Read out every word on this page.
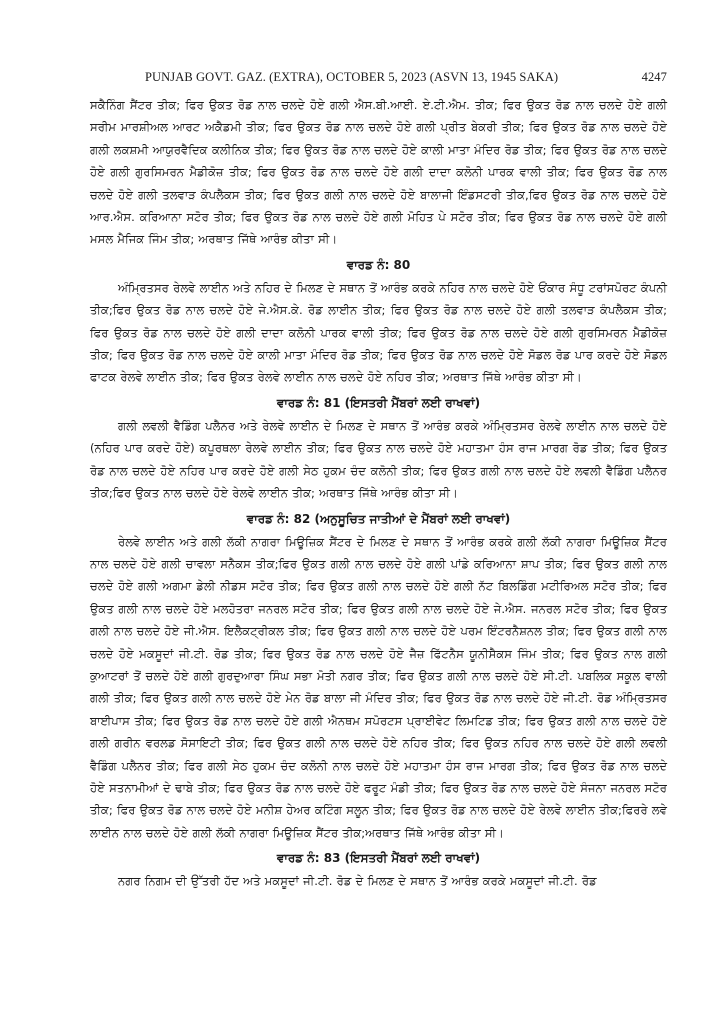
PUNJAB GOVT. GAZ. (EXTRA), OCTOBER 5, 2023 (ASVN 13, 1945 SAKA)	4247

ਸਕੈਨਿੰਗ ਸੈਂਟਰ ਤੀਕ; ਫਿਰ ਉਕਤ ਰੋਡ ਨਾਲ ਚਲਦੇ ਹੋਏ ਗਲੀ ਐਸ.ਬੀ.ਆਈ. ਏ.ਟੀ.ਐਮ. ਤੀਕ; ਫਿਰ ਉਕਤ ਰੋਡ ਨਾਲ ਚਲਦੇ ਹੋਏ ਗਲੀ ਸਰੀਮ ਮਾਰਸ਼ੀਅਲ ਆਰਟ ਅਕੈਡਮੀ ਤੀਕ; ਫਿਰ ਉਕਤ ਰੋਡ ਨਾਲ ਚਲਦੇ ਹੋਏ ਗਲੀ ਪ੍ਰੀਤ ਬੇਕਰੀ ਤੀਕ; ਫਿਰ ਉਕਤ ਰੋਡ ਨਾਲ ਚਲਦੇ ਹੋਏ ਗਲੀ ਲਕਸ਼ਮੀ ਆਯੁਰਵੈਦਿਕ ਕਲੀਨਿਕ ਤੀਕ; ਫਿਰ ਉਕਤ ਰੋਡ ਨਾਲ ਚਲਦੇ ਹੋਏ ਕਾਲੀ ਮਾਤਾ ਮੰਦਿਰ ਰੋਡ ਤੀਕ; ਫਿਰ ਉਕਤ ਰੋਡ ਨਾਲ ਚਲਦੇ ਹੋਏ ਗਲੀ ਗੁਰਸਿਮਰਨ ਮੈਡੀਕੋਜ਼ ਤੀਕ; ਫਿਰ ਉਕਤ ਰੋਡ ਨਾਲ ਚਲਦੇ ਹੋਏ ਗਲੀ ਦਾਦਾ ਕਲੋਨੀ ਪਾਰਕ ਵਾਲੀ ਤੀਕ; ਫਿਰ ਉਕਤ ਰੋਡ ਨਾਲ ਚਲਦੇ ਹੋਏ ਗਲੀ ਤਲਵਾੜ ਕੰਪਲੈਕਸ ਤੀਕ; ਫਿਰ ਉਕਤ ਗਲੀ ਨਾਲ ਚਲਦੇ ਹੋਏ ਬਾਲਾਜੀ ਇੰਡਸਟਰੀ ਤੀਕ,ਫਿਰ ਉਕਤ ਰੋਡ ਨਾਲ ਚਲਦੇ ਹੋਏ ਆਰ.ਐਸ. ਕਰਿਆਨਾ ਸਟੋਰ ਤੀਕ; ਫਿਰ ਉਕਤ ਰੋਡ ਨਾਲ ਚਲਦੇ ਹੋਏ ਗਲੀ ਮੋਹਿਤ ਪੇ ਸਟੋਰ ਤੀਕ; ਫਿਰ ਉਕਤ ਰੋਡ ਨਾਲ ਚਲਦੇ ਹੋਏ ਗਲੀ ਮਸਲ ਮੈਜਿਕ ਜਿੰਮ ਤੀਕ; ਅਰਥਾਤ ਜਿੱਥੇ ਆਰੰਭ ਕੀਤਾ ਸੀ।

ਵਾਰਡ ਨੰ: 80

ਅੰਮ੍ਰਿਤਸਰ ਰੇਲਵੇ ਲਾਈਨ ਅਤੇ ਨਹਿਰ ਦੇ ਮਿਲਣ ਦੇ ਸਥਾਨ ਤੋਂ ਆਰੰਭ ਕਰਕੇ ਨਹਿਰ ਨਾਲ ਚਲਦੇ ਹੋਏ ਓਂਕਾਰ ਸੰਧੂ ਟਰਾਂਸਪੋਰਟ ਕੰਪਨੀ ਤੀਕ;ਫਿਰ ਉਕਤ ਰੋਡ ਨਾਲ ਚਲਦੇ ਹੋਏ ਜੇ.ਐਸ.ਕੇ. ਰੋਡ ਲਾਈਨ ਤੀਕ; ਫਿਰ ਉਕਤ ਰੋਡ ਨਾਲ ਚਲਦੇ ਹੋਏ ਗਲੀ ਤਲਵਾੜ ਕੰਪਲੈਕਸ ਤੀਕ; ਫਿਰ ਉਕਤ ਰੋਡ ਨਾਲ ਚਲਦੇ ਹੋਏ ਗਲੀ ਦਾਦਾ ਕਲੋਨੀ ਪਾਰਕ ਵਾਲੀ ਤੀਕ; ਫਿਰ ਉਕਤ ਰੋਡ ਨਾਲ ਚਲਦੇ ਹੋਏ ਗਲੀ ਗੁਰਸਿਮਰਨ ਮੈਡੀਕੋਜ਼ ਤੀਕ; ਫਿਰ ਉਕਤ ਰੋਡ ਨਾਲ ਚਲਦੇ ਹੋਏ ਕਾਲੀ ਮਾਤਾ ਮੰਦਿਰ ਰੋਡ ਤੀਕ; ਫਿਰ ਉਕਤ ਰੋਡ ਨਾਲ ਚਲਦੇ ਹੋਏ ਸੋਡਲ ਰੋਡ ਪਾਰ ਕਰਦੇ ਹੋਏ ਸੋਡਲ ਫਾਟਕ ਰੇਲਵੇ ਲਾਈਨ ਤੀਕ; ਫਿਰ ਉਕਤ ਰੇਲਵੇ ਲਾਈਨ ਨਾਲ ਚਲਦੇ ਹੋਏ ਨਹਿਰ ਤੀਕ; ਅਰਥਾਤ ਜਿੱਥੇ ਆਰੰਭ ਕੀਤਾ ਸੀ।

ਵਾਰਡ ਨੰ: 81 (ਇਸਤਰੀ ਮੈਂਬਰਾਂ ਲਈ ਰਾਖਵਾਂ)

ਗਲੀ ਲਵਲੀ ਵੈਡਿੰਗ ਪਲੈਨਰ ਅਤੇ ਰੇਲਵੇ ਲਾਈਨ ਦੇ ਮਿਲਣ ਦੇ ਸਥਾਨ ਤੋਂ ਆਰੰਭ ਕਰਕੇ ਅੰਮ੍ਰਿਤਸਰ ਰੇਲਵੇ ਲਾਈਨ ਨਾਲ ਚਲਦੇ ਹੋਏ (ਨਹਿਰ ਪਾਰ ਕਰਦੇ ਹੋਏ) ਕਪੂਰਥਲਾ ਰੇਲਵੇ ਲਾਈਨ ਤੀਕ; ਫਿਰ ਉਕਤ ਨਾਲ ਚਲਦੇ ਹੋਏ ਮਹਾਤਮਾ ਹੰਸ ਰਾਜ ਮਾਰਗ ਰੋਡ ਤੀਕ; ਫਿਰ ਉਕਤ ਰੋਡ ਨਾਲ ਚਲਦੇ ਹੋਏ ਨਹਿਰ ਪਾਰ ਕਰਦੇ ਹੋਏ ਗਲੀ ਸੇਠ ਹੁਕਮ ਚੰਦ ਕਲੋਨੀ ਤੀਕ; ਫਿਰ ਉਕਤ ਗਲੀ ਨਾਲ ਚਲਦੇ ਹੋਏ ਲਵਲੀ ਵੈਡਿੰਗ ਪਲੈਨਰ ਤੀਕ;ਫਿਰ ਉਕਤ ਨਾਲ ਚਲਦੇ ਹੋਏ ਰੇਲਵੇ ਲਾਈਨ ਤੀਕ; ਅਰਥਾਤ ਜਿੱਥੇ ਆਰੰਭ ਕੀਤਾ ਸੀ।

ਵਾਰਡ ਨੰ: 82 (ਅਨੁਸੂਚਿਤ ਜਾਤੀਆਂ ਦੇ ਮੈਂਬਰਾਂ ਲਈ ਰਾਖਵਾਂ)

ਰੇਲਵੇ ਲਾਈਨ ਅਤੇ ਗਲੀ ਲੱਕੀ ਨਾਗਰਾ ਮਿਊਜ਼ਿਕ ਸੈਂਟਰ ਦੇ ਮਿਲਣ ਦੇ ਸਥਾਨ ਤੋਂ ਆਰੰਭ ਕਰਕੇ ਗਲੀ ਲੱਕੀ ਨਾਗਰਾ ਮਿਊਜ਼ਿਕ ਸੈਂਟਰ ਨਾਲ ਚਲਦੇ ਹੋਏ ਗਲੀ ਚਾਵਲਾ ਸਨੈਕਸ ਤੀਕ;ਫਿਰ ਉਕਤ ਗਲੀ ਨਾਲ ਚਲਦੇ ਹੋਏ ਗਲੀ ਪਾਂਡੇ ਕਰਿਆਨਾ ਸ਼ਾਪ ਤੀਕ; ਫਿਰ ਉਕਤ ਗਲੀ ਨਾਲ ਚਲਦੇ ਹੋਏ ਗਲੀ ਅਗਮਾ ਡੇਲੀ ਨੀਡਸ ਸਟੋਰ ਤੀਕ; ਫਿਰ ਉਕਤ ਗਲੀ ਨਾਲ ਚਲਦੇ ਹੋਏ ਗਲੀ ਨੱਟ ਬਿਲਡਿੰਗ ਮਟੀਰਿਅਲ ਸਟੋਰ ਤੀਕ; ਫਿਰ ਉਕਤ ਗਲੀ ਨਾਲ ਚਲਦੇ ਹੋਏ ਮਲਹੋਤਰਾ ਜਨਰਲ ਸਟੋਰ ਤੀਕ; ਫਿਰ ਉਕਤ ਗਲੀ ਨਾਲ ਚਲਦੇ ਹੋਏ ਜੇ.ਐਸ. ਜਨਰਲ ਸਟੋਰ ਤੀਕ; ਫਿਰ ਉਕਤ ਗਲੀ ਨਾਲ ਚਲਦੇ ਹੋਏ ਜੀ.ਐਸ. ਇਲੈਕਟ੍ਰੀਕਲ ਤੀਕ; ਫਿਰ ਉਕਤ ਗਲੀ ਨਾਲ ਚਲਦੇ ਹੋਏ ਪਰਮ ਇੰਟਰਨੈਸ਼ਨਲ ਤੀਕ; ਫਿਰ ਉਕਤ ਗਲੀ ਨਾਲ ਚਲਦੇ ਹੋਏ ਮਕਸੂਦਾਂ ਜੀ.ਟੀ. ਰੋਡ ਤੀਕ; ਫਿਰ ਉਕਤ ਰੋਡ ਨਾਲ ਚਲਦੇ ਹੋਏ ਜੈਜ਼ ਫਿੱਟਨੈਸ ਯੂਨੀਸੈਕਸ ਜਿੰਮ ਤੀਕ; ਫਿਰ ਉਕਤ ਨਾਲ ਗਲੀ ਕੁਆਟਰਾਂ ਤੋਂ ਚਲਦੇ ਹੋਏ ਗਲੀ ਗੁਰਦੁਆਰਾ ਸਿੰਘ ਸਭਾ ਮੋਤੀ ਨਗਰ ਤੀਕ; ਫਿਰ ਉਕਤ ਗਲੀ ਨਾਲ ਚਲਦੇ ਹੋਏ ਸੀ.ਟੀ. ਪਬਲਿਕ ਸਕੂਲ ਵਾਲੀ ਗਲੀ ਤੀਕ; ਫਿਰ ਉਕਤ ਗਲੀ ਨਾਲ ਚਲਦੇ ਹੋਏ ਮੇਨ ਰੋਡ ਬਾਲਾ ਜੀ ਮੰਦਿਰ ਤੀਕ; ਫਿਰ ਉਕਤ ਰੋਡ ਨਾਲ ਚਲਦੇ ਹੋਏ ਜੀ.ਟੀ. ਰੋਡ ਅੰਮ੍ਰਿਤਸਰ ਬਾਈਪਾਸ ਤੀਕ; ਫਿਰ ਉਕਤ ਰੋਡ ਨਾਲ ਚਲਦੇ ਹੋਏ ਗਲੀ ਐਨਥਮ ਸਪੋਰਟਸ ਪ੍ਰਾਈਵੇਟ ਲਿਮਟਿਡ ਤੀਕ; ਫਿਰ ਉਕਤ ਗਲੀ ਨਾਲ ਚਲਦੇ ਹੋਏ ਗਲੀ ਗਰੀਨ ਵਰਲਡ ਸੋਸਾਇਟੀ ਤੀਕ; ਫਿਰ ਉਕਤ ਗਲੀ ਨਾਲ ਚਲਦੇ ਹੋਏ ਨਹਿਰ ਤੀਕ; ਫਿਰ ਉਕਤ ਨਹਿਰ ਨਾਲ ਚਲਦੇ ਹੋਏ ਗਲੀ ਲਵਲੀ ਵੈਡਿੰਗ ਪਲੈਨਰ ਤੀਕ; ਫਿਰ ਗਲੀ ਸੇਠ ਹੁਕਮ ਚੰਦ ਕਲੋਨੀ ਨਾਲ ਚਲਦੇ ਹੋਏ ਮਹਾਤਮਾ ਹੰਸ ਰਾਜ ਮਾਰਗ ਤੀਕ; ਫਿਰ ਉਕਤ ਰੋਡ ਨਾਲ ਚਲਦੇ ਹੋਏ ਸਤਨਾਮੀਆਂ ਦੇ ਢਾਬੇ ਤੀਕ; ਫਿਰ ਉਕਤ ਰੋਡ ਨਾਲ ਚਲਦੇ ਹੋਏ ਫਰੂਟ ਮੰਡੀ ਤੀਕ; ਫਿਰ ਉਕਤ ਰੋਡ ਨਾਲ ਚਲਦੇ ਹੋਏ ਸੰਜਨਾ ਜਨਰਲ ਸਟੋਰ ਤੀਕ; ਫਿਰ ਉਕਤ ਰੋਡ ਨਾਲ ਚਲਦੇ ਹੋਏ ਮਨੀਸ਼ ਹੇਅਰ ਕਟਿੰਗ ਸਲੂਨ ਤੀਕ; ਫਿਰ ਉਕਤ ਰੋਡ ਨਾਲ ਚਲਦੇ ਹੋਏ ਰੇਲਵੇ ਲਾਈਨ ਤੀਕ;ਫਿਰਰੇ ਲਵੇ ਲਾਈਨ ਨਾਲ ਚਲਦੇ ਹੋਏ ਗਲੀ ਲੱਕੀ ਨਾਗਰਾ ਮਿਊਜ਼ਿਕ ਸੈਂਟਰ ਤੀਕ;ਅਰਥਾਤ ਜਿੱਥੇ ਆਰੰਭ ਕੀਤਾ ਸੀ।

ਵਾਰਡ ਨੰ: 83 (ਇਸਤਰੀ ਮੈਂਬਰਾਂ ਲਈ ਰਾਖਵਾਂ)

ਨਗਰ ਨਿਗਮ ਦੀ ਉੱਤਰੀ ਹੱਦ ਅਤੇ ਮਕਸੂਦਾਂ ਜੀ.ਟੀ. ਰੋਡ ਦੇ ਮਿਲਣ ਦੇ ਸਥਾਨ ਤੋਂ ਆਰੰਭ ਕਰਕੇ ਮਕਸੂਦਾਂ ਜੀ.ਟੀ. ਰੋਡ
